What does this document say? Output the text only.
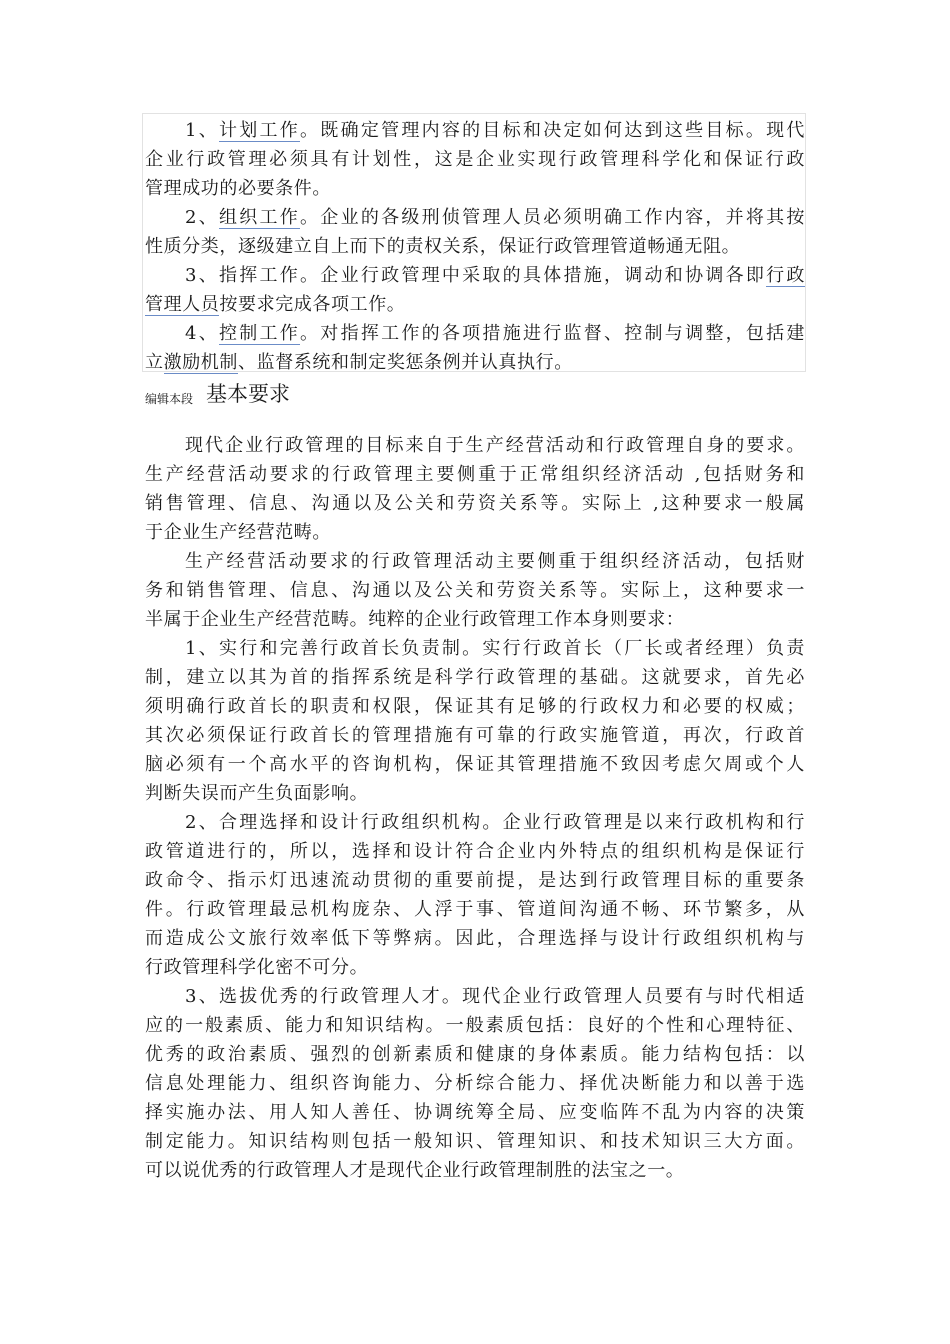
1、计划工作。既确定管理内容的目标和决定如何达到这些目标。现代
企业行政管理必须具有计划性，这是企业实现行政管理科学化和保证行政
管理成功的必要条件。
2、组织工作。企业的各级刑侦管理人员必须明确工作内容，并将其按
性质分类，逐级建立自上而下的责权关系，保证行政管理管道畅通无阻。
3、指挥工作。企业行政管理中采取的具体措施，调动和协调各即行政
管理人员按要求完成各项工作。
4、控制工作。对指挥工作的各项措施进行监督、控制与调整，包括建
立激励机制、监督系统和制定奖惩条例并认真执行。
编辑本段 基本要求
现代企业行政管理的目标来自于生产经营活动和行政管理自身的要求。
生产经营活动要求的行政管理主要侧重于正常组织经济活动 ,包括财务和
销售管理、信息、沟通以及公关和劳资关系等。实际上 ,这种要求一般属
于企业生产经营范畴。
生产经营活动要求的行政管理活动主要侧重于组织经济活动，包括财
务和销售管理、信息、沟通以及公关和劳资关系等。实际上，这种要求一
半属于企业生产经营范畴。纯粹的企业行政管理工作本身则要求：
1、实行和完善行政首长负责制。实行行政首长（厂长或者经理）负责
制，建立以其为首的指挥系统是科学行政管理的基础。这就要求，首先必
须明确行政首长的职责和权限，保证其有足够的行政权力和必要的权威；
其次必须保证行政首长的管理措施有可靠的行政实施管道，再次，行政首
脑必须有一个高水平的咨询机构，保证其管理措施不致因考虑欠周或个人
判断失误而产生负面影响。
2、合理选择和设计行政组织机构。企业行政管理是以来行政机构和行
政管道进行的，所以，选择和设计符合企业内外特点的组织机构是保证行
政命令、指示灯迅速流动贯彻的重要前提，是达到行政管理目标的重要条
件。行政管理最忌机构庞杂、人浮于事、管道间沟通不畅、环节繁多，从
而造成公文旅行效率低下等弊病。因此，合理选择与设计行政组织机构与
行政管理科学化密不可分。
3、选拔优秀的行政管理人才。现代企业行政管理人员要有与时代相适
应的一般素质、能力和知识结构。一般素质包括：良好的个性和心理特征、
优秀的政治素质、强烈的创新素质和健康的身体素质。能力结构包括：以
信息处理能力、组织咨询能力、分析综合能力、择优决断能力和以善于选
择实施办法、用人知人善任、协调统筹全局、应变临阵不乱为内容的决策
制定能力。知识结构则包括一般知识、管理知识、和技术知识三大方面。
可以说优秀的行政管理人才是现代企业行政管理制胜的法宝之一。
